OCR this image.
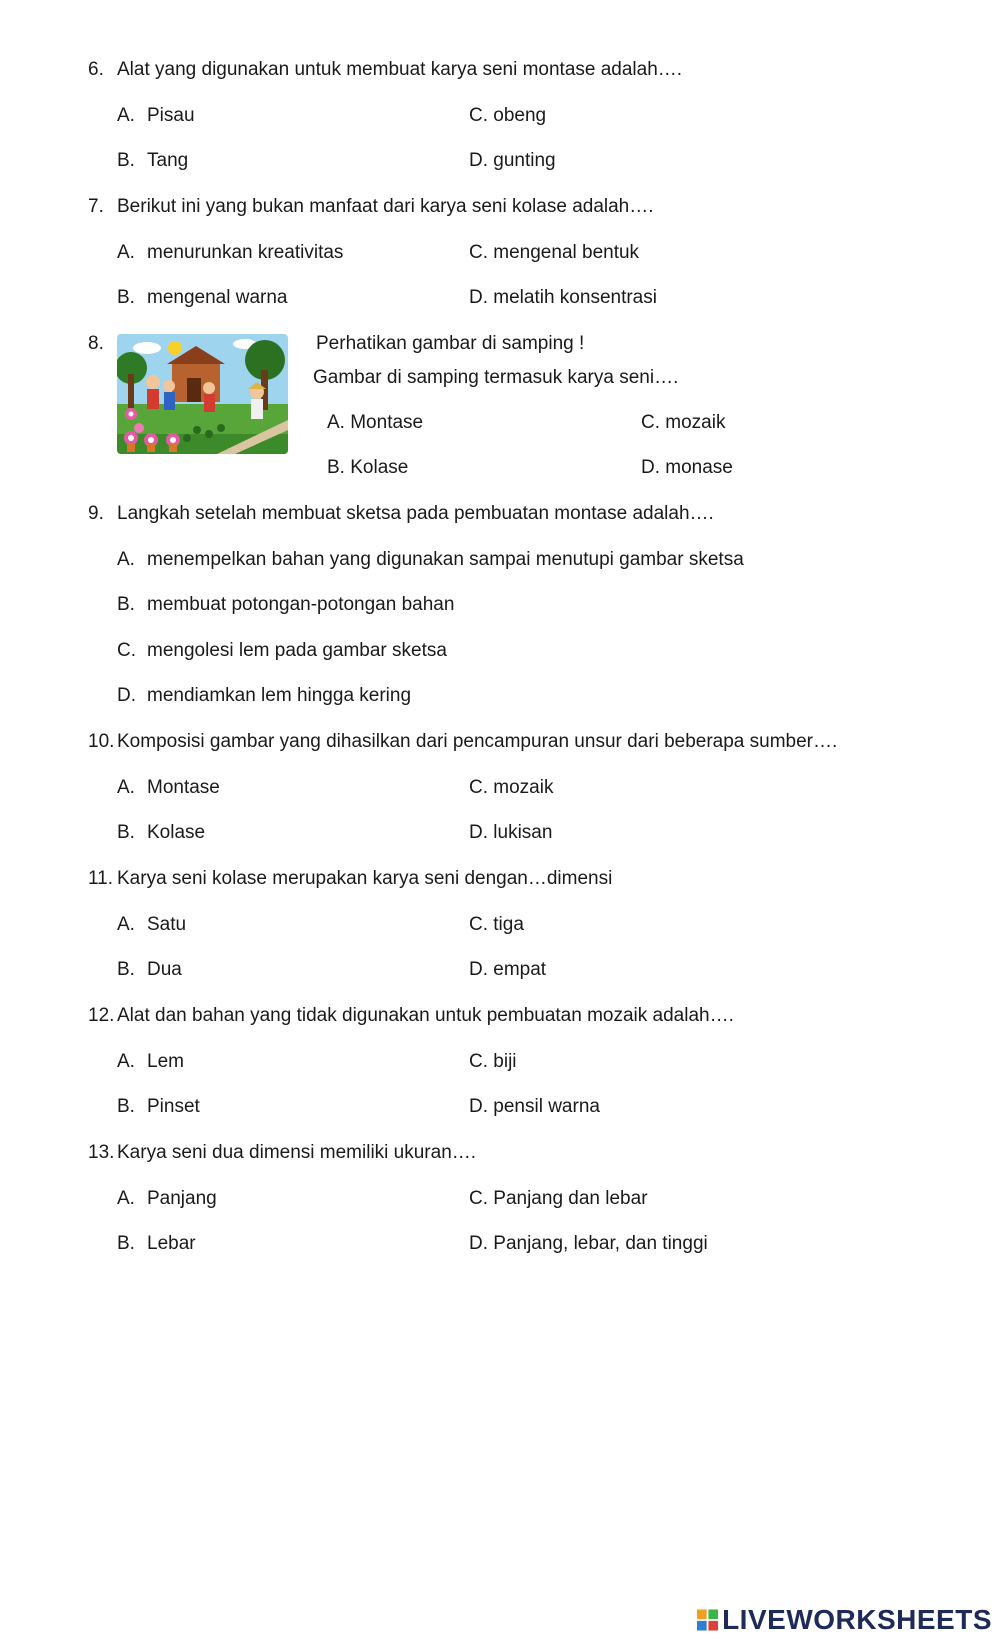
6. Alat yang digunakan untuk membuat karya seni montase adalah….
A. Pisau	C. obeng
B. Tang	D. gunting
7. Berikut ini yang bukan manfaat dari karya seni kolase adalah….
A. menurunkan kreativitas	C. mengenal bentuk
B. mengenal warna	D. melatih konsentrasi
8.	Perhatikan gambar di samping !
Gambar di samping termasuk karya seni….
A. Montase	C. mozaik
B. Kolase	D. monase
9. Langkah setelah membuat sketsa pada pembuatan montase adalah….
A. menempelkan bahan yang digunakan sampai menutupi gambar sketsa
B. membuat potongan-potongan bahan
C. mengolesi lem pada gambar sketsa
D. mendiamkan lem hingga kering
10. Komposisi gambar yang dihasilkan dari pencampuran unsur dari beberapa sumber….
A. Montase	C. mozaik
B. Kolase	D. lukisan
11. Karya seni kolase merupakan karya seni dengan…dimensi
A. Satu	C. tiga
B. Dua	D. empat
12. Alat dan bahan yang tidak digunakan untuk pembuatan mozaik adalah….
A. Lem	C. biji
B. Pinset	D. pensil warna
13. Karya seni dua dimensi memiliki ukuran….
A. Panjang	C. Panjang dan lebar
B. Lebar	D. Panjang, lebar, dan tinggi
LIVEWORKSHEETS
